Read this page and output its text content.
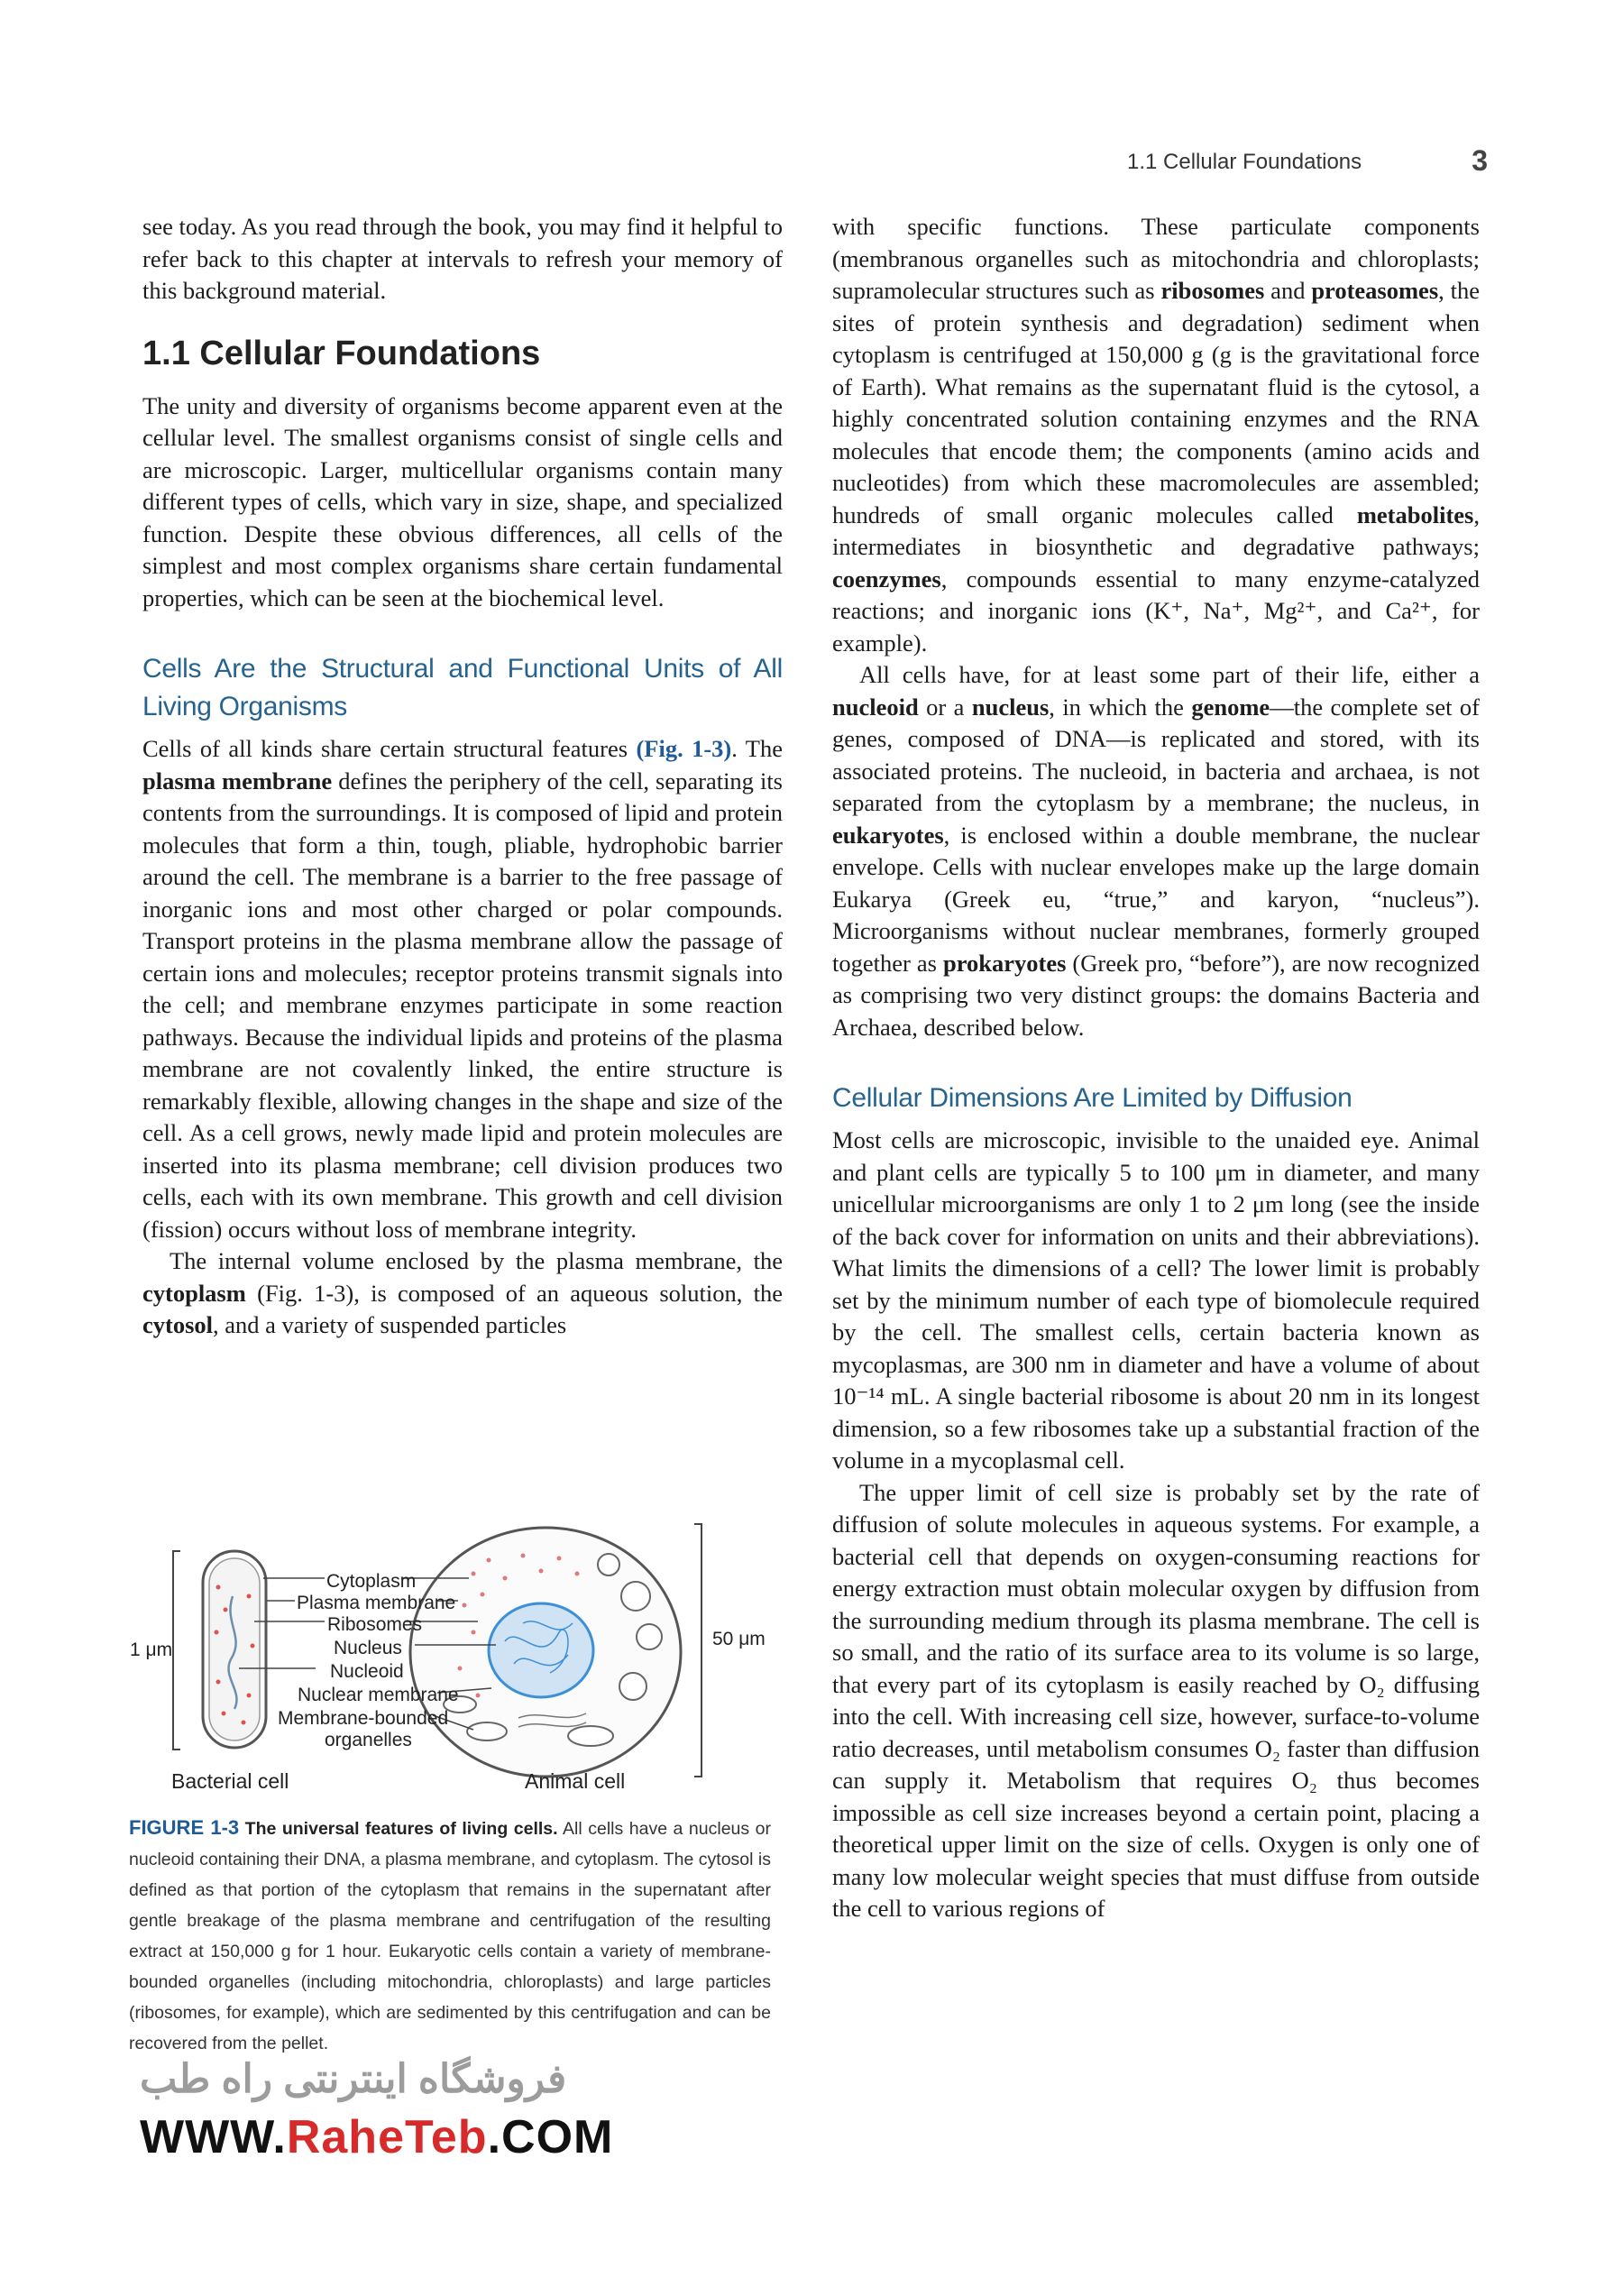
1.1 Cellular Foundations	3

see today. As you read through the book, you may find it helpful to refer back to this chapter at intervals to refresh your memory of this background material.

1.1 Cellular Foundations

The unity and diversity of organisms become apparent even at the cellular level. The smallest organisms consist of single cells and are microscopic. Larger, multicellular organisms contain many different types of cells, which vary in size, shape, and specialized function. Despite these obvious differences, all cells of the simplest and most complex organisms share certain fundamental properties, which can be seen at the biochemical level.

Cells Are the Structural and Functional Units of All Living Organisms

Cells of all kinds share certain structural features (Fig. 1-3). The plasma membrane defines the periphery of the cell, separating its contents from the surroundings. It is composed of lipid and protein molecules that form a thin, tough, pliable, hydrophobic barrier around the cell. The membrane is a barrier to the free passage of inorganic ions and most other charged or polar compounds. Transport proteins in the plasma membrane allow the passage of certain ions and molecules; receptor proteins transmit signals into the cell; and membrane enzymes participate in some reaction pathways. Because the individual lipids and proteins of the plasma membrane are not covalently linked, the entire structure is remarkably flexible, allowing changes in the shape and size of the cell. As a cell grows, newly made lipid and protein molecules are inserted into its plasma membrane; cell division produces two cells, each with its own membrane. This growth and cell division (fission) occurs without loss of membrane integrity.

The internal volume enclosed by the plasma membrane, the cytoplasm (Fig. 1-3), is composed of an aqueous solution, the cytosol, and a variety of suspended particles

Cytoplasm
Plasma membrane
Ribosomes
Nucleus
Nucleoid
Nuclear membrane
Membrane-bounded
organelles
1 μm
50 μm
Bacterial cell	Animal cell
FIGURE 1-3 The universal features of living cells. All cells have a nucleus or nucleoid containing their DNA, a plasma membrane, and cytoplasm. The cytosol is defined as that portion of the cytoplasm that remains in the supernatant after gentle breakage of the plasma membrane and centrifugation of the resulting extract at 150,000 g for 1 hour. Eukaryotic cells contain a variety of membrane-bounded organelles (including mitochondria, chloroplasts) and large particles (ribosomes, for example), which are sedimented by this centrifugation and can be recovered from the pellet.

with specific functions. These particulate components (membranous organelles such as mitochondria and chloroplasts; supramolecular structures such as ribosomes and proteasomes, the sites of protein synthesis and degradation) sediment when cytoplasm is centrifuged at 150,000 g (g is the gravitational force of Earth). What remains as the supernatant fluid is the cytosol, a highly concentrated solution containing enzymes and the RNA molecules that encode them; the components (amino acids and nucleotides) from which these macromolecules are assembled; hundreds of small organic molecules called metabolites, intermediates in biosynthetic and degradative pathways; coenzymes, compounds essential to many enzyme-catalyzed reactions; and inorganic ions (K⁺, Na⁺, Mg²⁺, and Ca²⁺, for example).

All cells have, for at least some part of their life, either a nucleoid or a nucleus, in which the genome—the complete set of genes, composed of DNA—is replicated and stored, with its associated proteins. The nucleoid, in bacteria and archaea, is not separated from the cytoplasm by a membrane; the nucleus, in eukaryotes, is enclosed within a double membrane, the nuclear envelope. Cells with nuclear envelopes make up the large domain Eukarya (Greek eu, “true,” and karyon, “nucleus”). Microorganisms without nuclear membranes, formerly grouped together as prokaryotes (Greek pro, “before”), are now recognized as comprising two very distinct groups: the domains Bacteria and Archaea, described below.

Cellular Dimensions Are Limited by Diffusion

Most cells are microscopic, invisible to the unaided eye. Animal and plant cells are typically 5 to 100 μm in diameter, and many unicellular microorganisms are only 1 to 2 μm long (see the inside of the back cover for information on units and their abbreviations). What limits the dimensions of a cell? The lower limit is probably set by the minimum number of each type of biomolecule required by the cell. The smallest cells, certain bacteria known as mycoplasmas, are 300 nm in diameter and have a volume of about 10⁻¹⁴ mL. A single bacterial ribosome is about 20 nm in its longest dimension, so a few ribosomes take up a substantial fraction of the volume in a mycoplasmal cell.

The upper limit of cell size is probably set by the rate of diffusion of solute molecules in aqueous systems. For example, a bacterial cell that depends on oxygen-consuming reactions for energy extraction must obtain molecular oxygen by diffusion from the surrounding medium through its plasma membrane. The cell is so small, and the ratio of its surface area to its volume is so large, that every part of its cytoplasm is easily reached by O₂ diffusing into the cell. With increasing cell size, however, surface-to-volume ratio decreases, until metabolism consumes O₂ faster than diffusion can supply it. Metabolism that requires O₂ thus becomes impossible as cell size increases beyond a certain point, placing a theoretical upper limit on the size of cells. Oxygen is only one of many low molecular weight species that must diffuse from outside the cell to various regions of

فروشگاه اینترنتی راه طب
WWW.RaheTeb.COM
